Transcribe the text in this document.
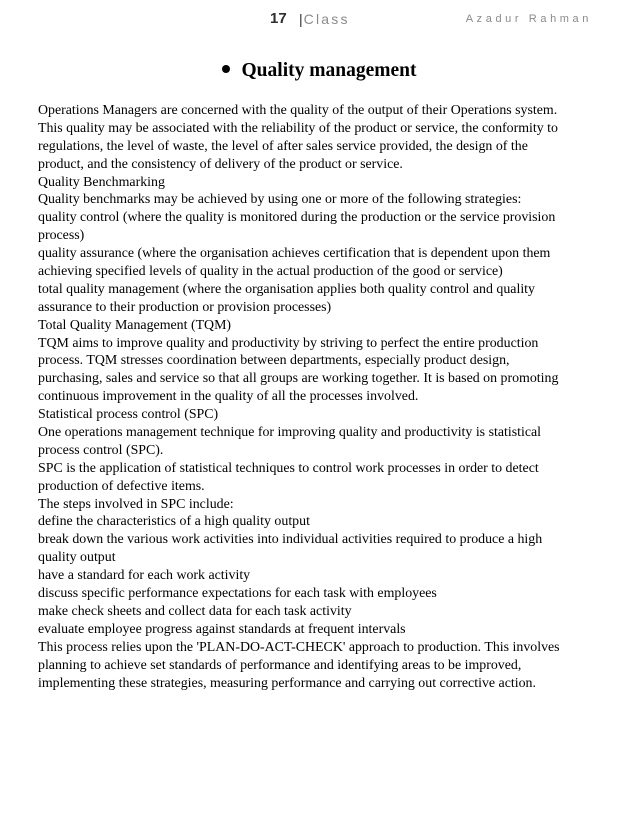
17 |Class	Azadur Rahman
Quality management
Operations Managers are concerned with the quality of the output of their Operations system.
This quality may be associated with the reliability of the product or service, the conformity to
regulations, the level of waste, the level of after sales service provided, the design of the
product, and the consistency of delivery of the product or service.
Quality Benchmarking
Quality benchmarks may be achieved by using one or more of the following strategies:
quality control (where the quality is monitored during the production or the service provision
process)
quality assurance (where the organisation achieves certification that is dependent upon them
achieving specified levels of quality in the actual production of the good or service)
total quality management (where the organisation applies both quality control and quality
assurance to their production or provision processes)
Total Quality Management (TQM)
TQM aims to improve quality and productivity by striving to perfect the entire production
process. TQM stresses coordination between departments, especially product design,
purchasing, sales and service so that all groups are working together. It is based on promoting
continuous improvement in the quality of all the processes involved.
Statistical process control (SPC)
One operations management technique for improving quality and productivity is statistical
process control (SPC).
SPC is the application of statistical techniques to control work processes in order to detect
production of defective items.
The steps involved in SPC include:
define the characteristics of a high quality output
break down the various work activities into individual activities required to produce a high
quality output
have a standard for each work activity
discuss specific performance expectations for each task with employees
make check sheets and collect data for each task activity
evaluate employee progress against standards at frequent intervals
This process relies upon the 'PLAN-DO-ACT-CHECK' approach to production. This involves
planning to achieve set standards of performance and identifying areas to be improved,
implementing these strategies, measuring performance and carrying out corrective action.
